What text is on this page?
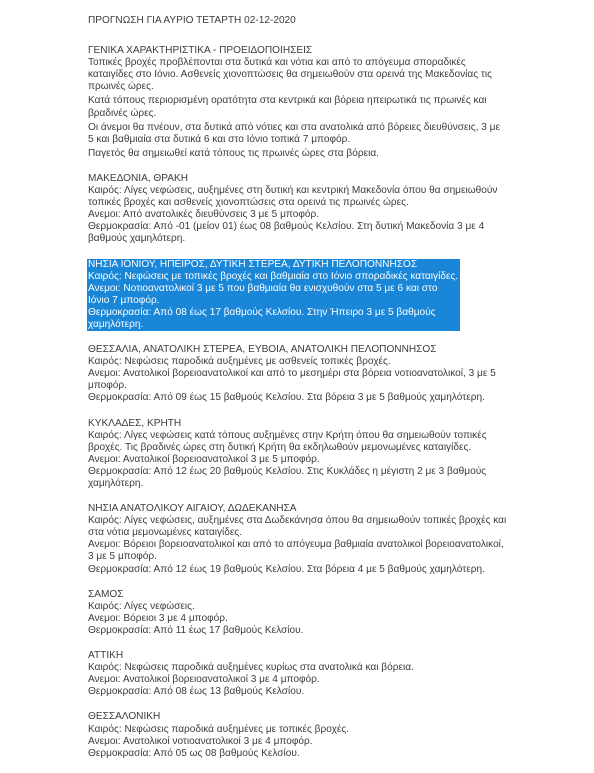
ΠΡΟΓΝΩΣΗ ΓΙΑ ΑΥΡΙΟ ΤΕΤΑΡΤΗ 02-12-2020
ΓΕΝΙΚΑ ΧΑΡΑΚΤΗΡΙΣΤΙΚΑ - ΠΡΟΕΙΔΟΠΟΙΗΣΕΙΣ

Τοπικές βροχές προβλέπονται στα δυτικά και νότια και από το απόγευμα σποραδικές καταιγίδες στο Ιόνιο. Ασθενείς χιονοπτώσεις θα σημειωθούν στα ορεινά της Μακεδονίας τις πρωινές ώρες.

Κατά τόπους περιορισμένη ορατότητα στα κεντρικά και βόρεια ηπειρωτικά τις πρωινές και βραδινές ώρες.

Οι άνεμοι θα πνέουν, στα δυτικά από νότιες και στα ανατολικά από βόρειες διευθύνσεις, 3 με 5 και βαθμιαία στα δυτικά 6 και στο Ιόνιο τοπικά 7 μποφόρ.

Παγετός θα σημειωθεί κατά τόπους τις πρωινές ώρες στα βόρεια.

ΜΑΚΕΔΟΝΙΑ, ΘΡΑΚΗ

Καιρός: Λίγες νεφώσεις, αυξημένες στη δυτική και κεντρική Μακεδονία όπου θα σημειωθούν τοπικές βροχές και ασθενείς χιονοπτώσεις στα ορεινά τις πρωινές ώρες.

Ανεμοι: Από ανατολικές διευθύνσεις 3 με 5 μποφόρ.

Θερμοκρασία: Από -01 (μείον 01) έως 08 βαθμούς Κελσίου. Στη δυτική Μακεδονία 3 με 4 βαθμούς χαμηλότερη.

ΝΗΣΙΑ ΙΟΝΙΟΥ, ΗΠΕΙΡΟΣ, ΔΥΤΙΚΗ ΣΤΕΡΕΑ, ΔΥΤΙΚΗ ΠΕΛΟΠΟΝΝΗΣΟΣ

Καιρός: Νεφώσεις με τοπικές βροχές και βαθμιαία στο Ιόνιο σποραδικές καταιγίδες.

Ανεμοι: Νοτιοανατολικοί 3 με 5 που βαθμιαία θα ενισχυθούν στα 5 με 6 και στο Ιόνιο 7 μποφόρ.

Θερμοκρασία: Από 08 έως 17 βαθμούς Κελσίου. Στην Ήπειρο 3 με 5 βαθμούς χαμηλότερη.

ΘΕΣΣΑΛΙΑ, ΑΝΑΤΟΛΙΚΗ ΣΤΕΡΕΑ, ΕΥΒΟΙΑ, ΑΝΑΤΟΛΙΚΗ ΠΕΛΟΠΟΝΝΗΣΟΣ

Καιρός: Νεφώσεις παροδικά αυξημένες με ασθενείς τοπικές βροχές.

Ανεμοι: Ανατολικοί βορειοανατολικοί και από το μεσημέρι στα βόρεια νοτιοανατολικοί, 3 με 5 μποφόρ.

Θερμοκρασία: Από 09 έως 15 βαθμούς Κελσίου. Στα βόρεια 3 με 5 βαθμούς χαμηλότερη.

ΚΥΚΛΑΔΕΣ, ΚΡΗΤΗ

Καιρός: Λίγες νεφώσεις κατά τόπους αυξημένες στην Κρήτη όπου θα σημειωθούν τοπικές βροχές. Τις βραδινές ώρες στη δυτική Κρήτη θα εκδηλωθούν μεμονωμένες καταιγίδες.

Ανεμοι: Ανατολικοί βορειοανατολικοί 3 με 5 μποφόρ.

Θερμοκρασία: Από 12 έως 20 βαθμούς Κελσίου. Στις Κυκλάδες η μέγιστη 2 με 3 βαθμούς χαμηλότερη.

ΝΗΣΙΑ ΑΝΑΤΟΛΙΚΟΥ ΑΙΓΑΙΟΥ, ΔΩΔΕΚΑΝΗΣΑ

Καιρός: Λίγες νεφώσεις, αυξημένες στα Δωδεκάνησα όπου θα σημειωθούν τοπικές βροχές και στα νότια μεμονωμένες καταιγίδες.

Ανεμοι: Βόρειοι βορειοανατολικοί και από το απόγευμα βαθμιαία ανατολικοί βορειοανατολικοί, 3 με 5 μποφόρ.

Θερμοκρασία: Από 12 έως 19 βαθμούς Κελσίου. Στα βόρεια 4 με 5 βαθμούς χαμηλότερη.

ΣΑΜΟΣ

Καιρός: Λίγες νεφώσεις.

Ανεμοι: Βόρειοι 3 με 4 μποφόρ.

Θερμοκρασία: Από 11 έως 17 βαθμούς Κελσίου.

ΑΤΤΙΚΗ

Καιρός: Νεφώσεις παροδικά αυξημένες κυρίως στα ανατολικά και βόρεια.

Ανεμοι: Ανατολικοί βορειοανατολικοί 3 με 4 μποφόρ.

Θερμοκρασία: Από 08 έως 13 βαθμούς Κελσίου.

ΘΕΣΣΑΛΟΝΙΚΗ

Καιρός: Νεφώσεις παροδικά αυξημένες με τοπικές βροχές.

Ανεμοι: Ανατολικοί νοτιοανατολικοί 3 με 4 μποφόρ.

Θερμοκρασία: Από 05 ως 08 βαθμούς Κελσίου.
